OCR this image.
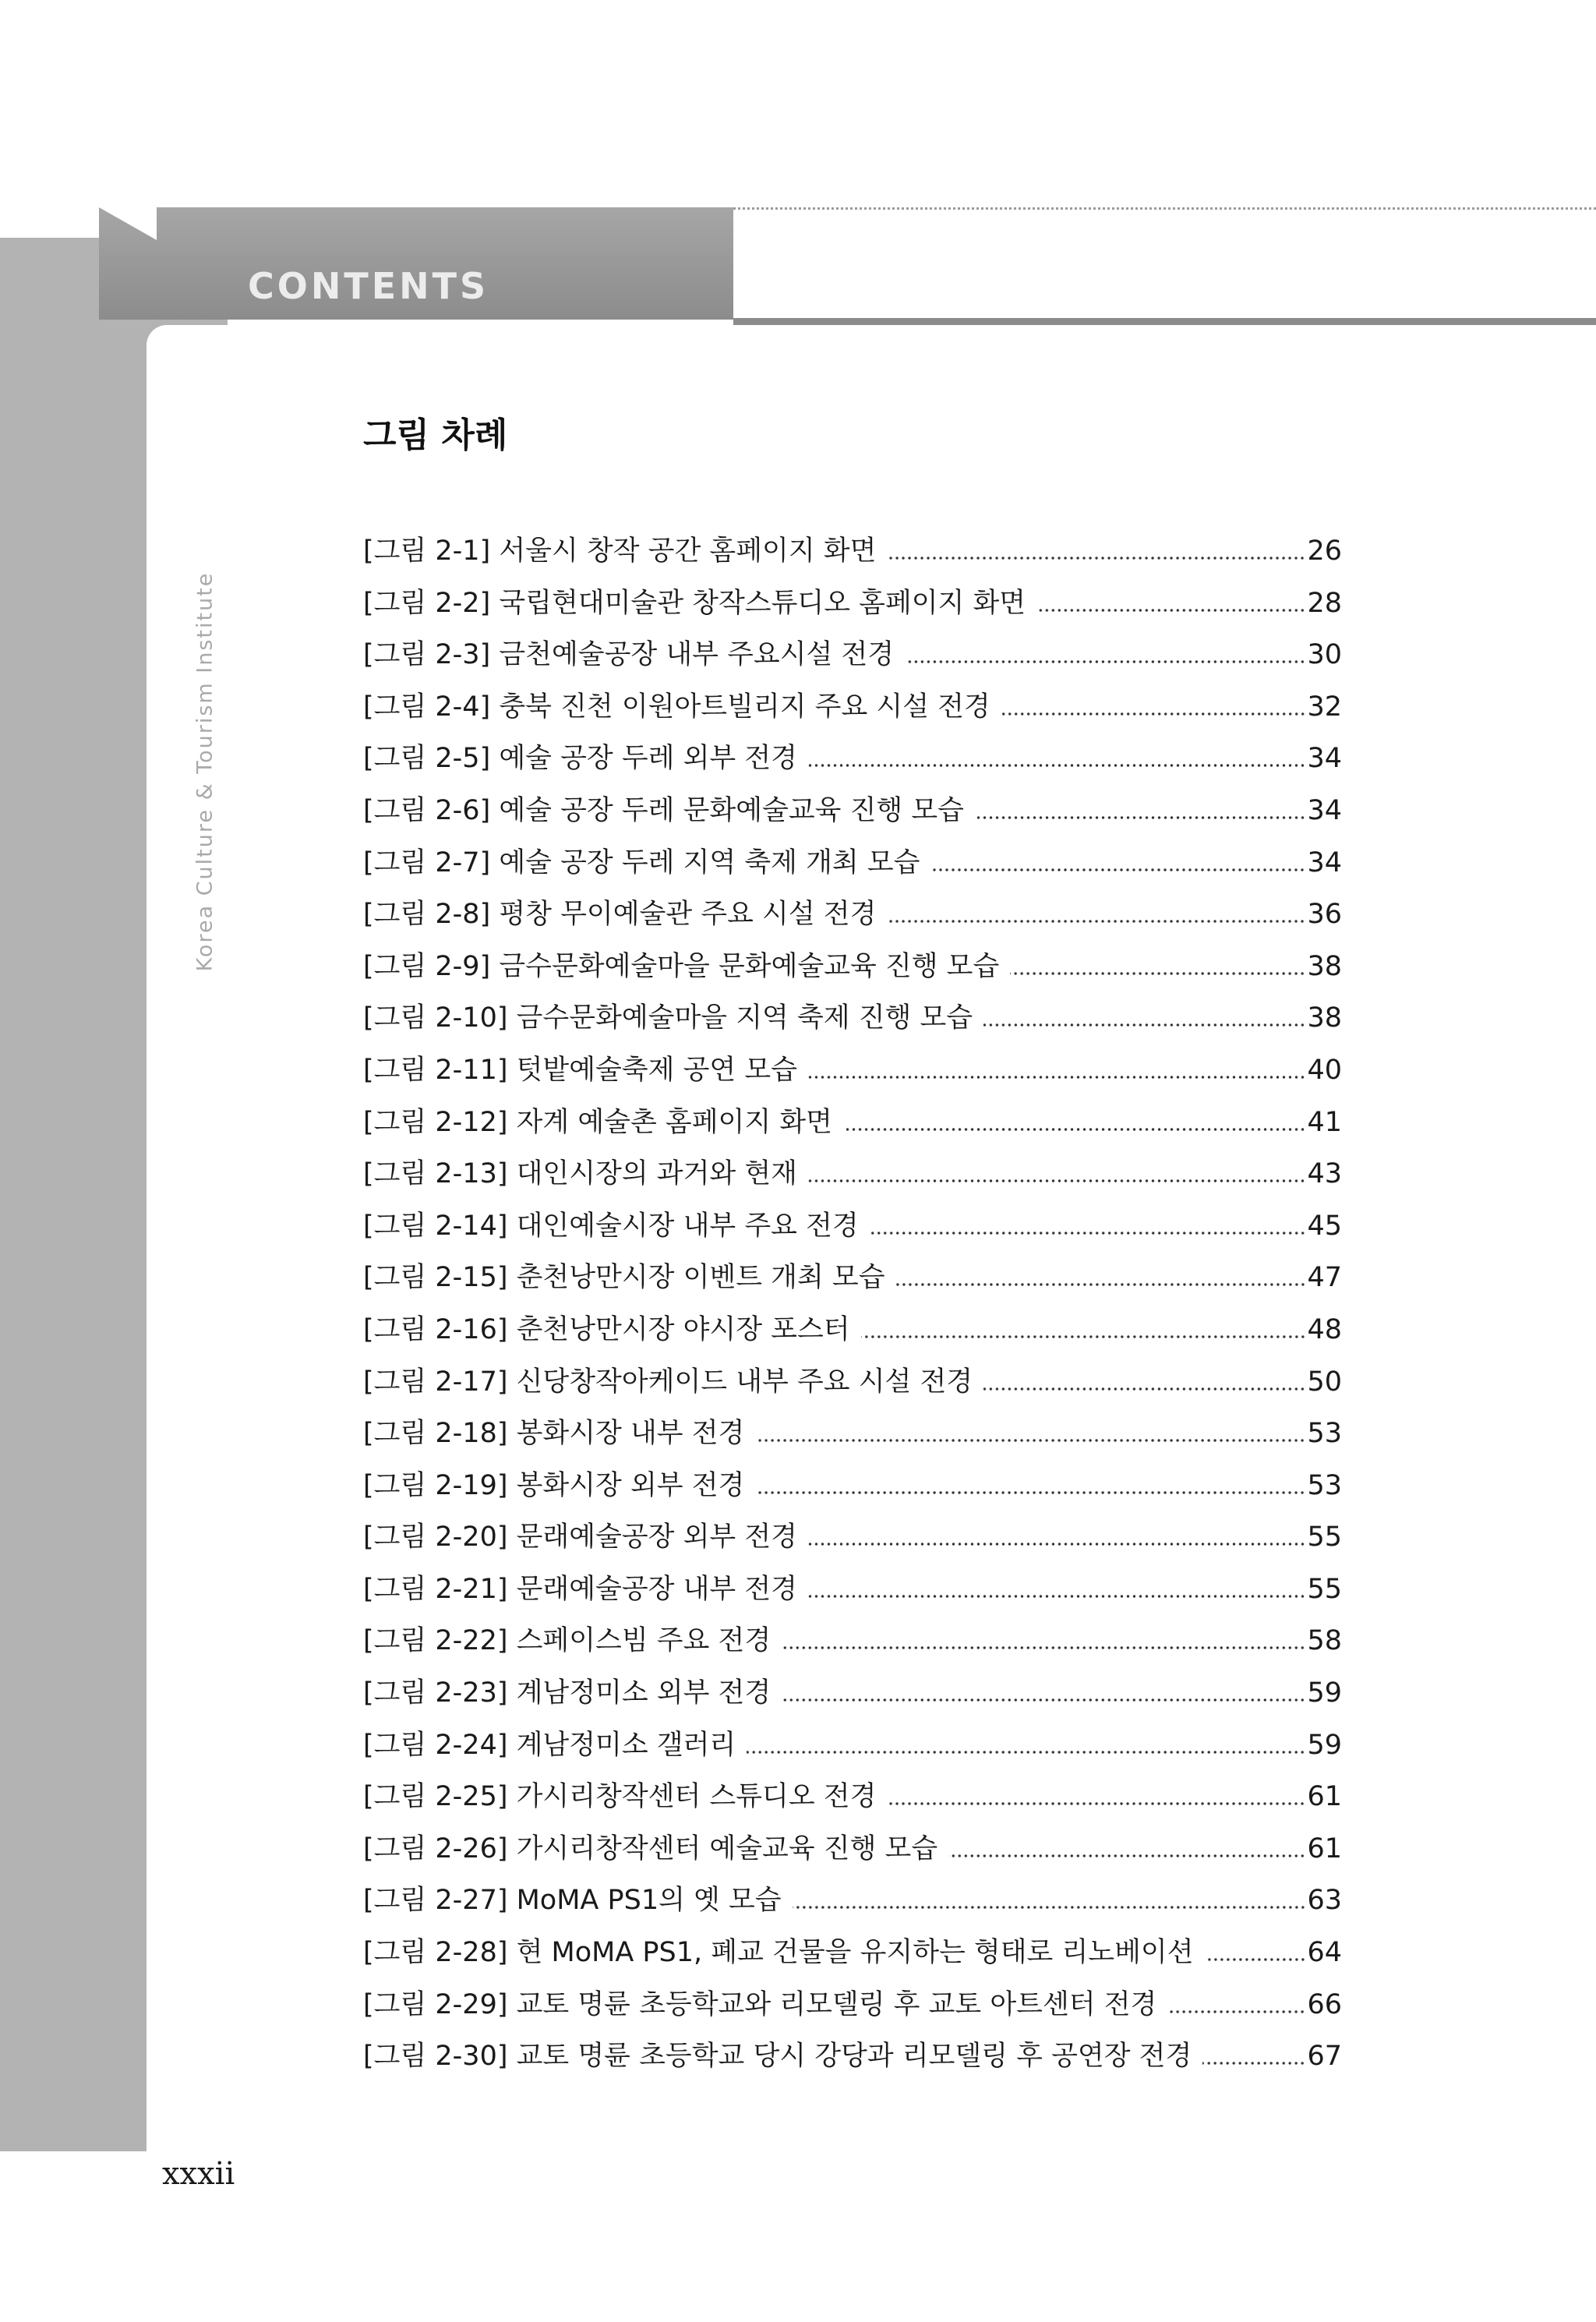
CONTENTS
Korea Culture & Tourism Institute
그림 차례
[그림 2-1] 서울시 창작 공간 홈페이지 화면	26
[그림 2-2] 국립현대미술관 창작스튜디오 홈페이지 화면	28
[그림 2-3] 금천예술공장 내부 주요시설 전경	30
[그림 2-4] 충북 진천 이원아트빌리지 주요 시설 전경	32
[그림 2-5] 예술 공장 두레 외부 전경	34
[그림 2-6] 예술 공장 두레 문화예술교육 진행 모습	34
[그림 2-7] 예술 공장 두레 지역 축제 개최 모습	34
[그림 2-8] 평창 무이예술관 주요 시설 전경	36
[그림 2-9] 금수문화예술마을 문화예술교육 진행 모습	38
[그림 2-10] 금수문화예술마을 지역 축제 진행 모습	38
[그림 2-11] 텃밭예술축제 공연 모습	40
[그림 2-12] 자계 예술촌 홈페이지 화면	41
[그림 2-13] 대인시장의 과거와 현재	43
[그림 2-14] 대인예술시장 내부 주요 전경	45
[그림 2-15] 춘천낭만시장 이벤트 개최 모습	47
[그림 2-16] 춘천낭만시장 야시장 포스터	48
[그림 2-17] 신당창작아케이드 내부 주요 시설 전경	50
[그림 2-18] 봉화시장 내부 전경	53
[그림 2-19] 봉화시장 외부 전경	53
[그림 2-20] 문래예술공장 외부 전경	55
[그림 2-21] 문래예술공장 내부 전경	55
[그림 2-22] 스페이스빔 주요 전경	58
[그림 2-23] 계남정미소 외부 전경	59
[그림 2-24] 계남정미소 갤러리	59
[그림 2-25] 가시리창작센터 스튜디오 전경	61
[그림 2-26] 가시리창작센터 예술교육 진행 모습	61
[그림 2-27] MoMA PS1의 옛 모습	63
[그림 2-28] 현 MoMA PS1, 폐교 건물을 유지하는 형태로 리노베이션	64
[그림 2-29] 교토 명륜 초등학교와 리모델링 후 교토 아트센터 전경	66
[그림 2-30] 교토 명륜 초등학교 당시 강당과 리모델링 후 공연장 전경	67
xxxii
